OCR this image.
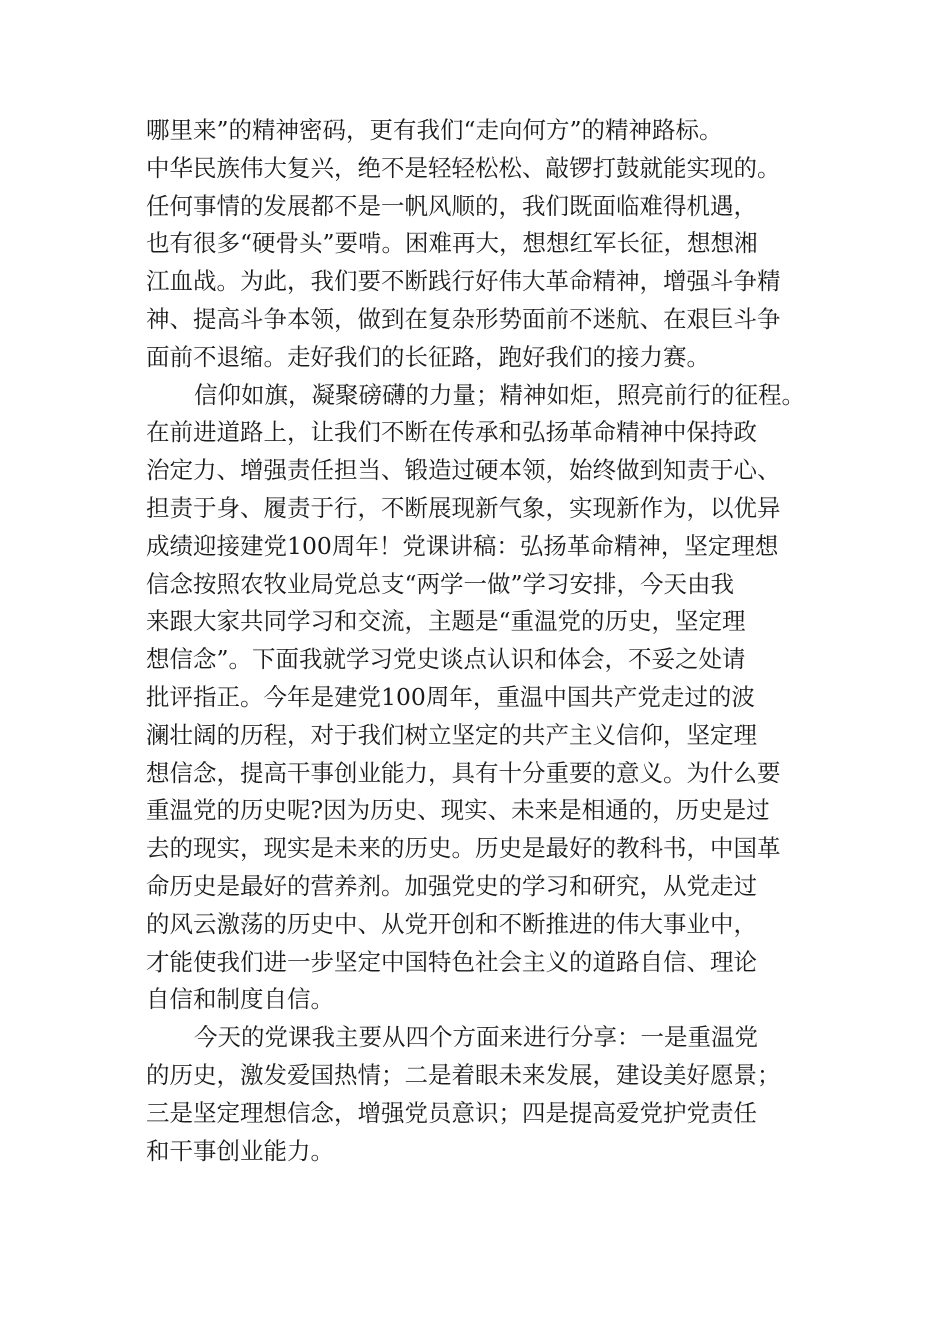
哪里来”的精神密码，更有我们“走向何方”的精神路标。
中华民族伟大复兴，绝不是轻轻松松、敲锣打鼓就能实现的。
任何事情的发展都不是一帆风顺的，我们既面临难得机遇，
也有很多“硬骨头”要啃。困难再大，想想红军长征，想想湘
江血战。为此，我们要不断践行好伟大革命精神，增强斗争精
神、提高斗争本领，做到在复杂形势面前不迷航、在艰巨斗争
面前不退缩。走好我们的长征路，跑好我们的接力赛。
信仰如旗，凝聚磅礴的力量；精神如炬，照亮前行的征程。
在前进道路上，让我们不断在传承和弘扬革命精神中保持政
治定力、增强责任担当、锻造过硬本领，始终做到知责于心、
担责于身、履责于行，不断展现新气象，实现新作为，以优异
成绩迎接建党100周年！党课讲稿：弘扬革命精神，坚定理想
信念按照农牧业局党总支“两学一做”学习安排，今天由我
来跟大家共同学习和交流，主题是“重温党的历史，坚定理
想信念”。下面我就学习党史谈点认识和体会，不妥之处请
批评指正。今年是建党100周年，重温中国共产党走过的波
澜壮阔的历程，对于我们树立坚定的共产主义信仰，坚定理
想信念，提高干事创业能力，具有十分重要的意义。为什么要
重温党的历史呢?因为历史、现实、未来是相通的，历史是过
去的现实，现实是未来的历史。历史是最好的教科书，中国革
命历史是最好的营养剂。加强党史的学习和研究，从党走过
的风云激荡的历史中、从党开创和不断推进的伟大事业中，
才能使我们进一步坚定中国特色社会主义的道路自信、理论
自信和制度自信。
今天的党课我主要从四个方面来进行分享：一是重温党
的历史，激发爱国热情；二是着眼未来发展，建设美好愿景；
三是坚定理想信念，增强党员意识；四是提高爱党护党责任
和干事创业能力。
